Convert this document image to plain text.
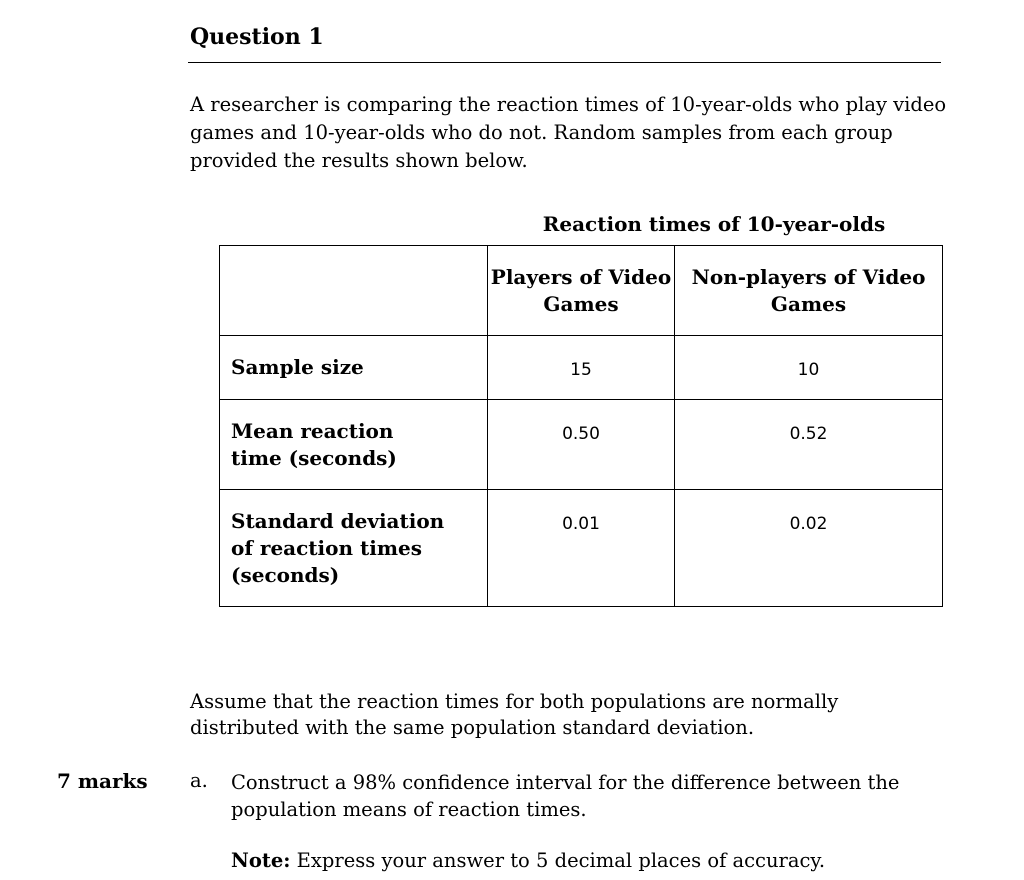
Question 1
A researcher is comparing the reaction times of 10-year-olds who play video games and 10-year-olds who do not. Random samples from each group provided the results shown below.
Reaction times of 10-year-olds
	Players of Video Games	Non-players of Video Games
Sample size	15	10
Mean reaction time (seconds)	0.50	0.52
Standard deviation of reaction times (seconds)	0.01	0.02
Assume that the reaction times for both populations are normally distributed with the same population standard deviation.
7 marks a. Construct a 98% confidence interval for the difference between the population means of reaction times.
Note: Express your answer to 5 decimal places of accuracy.
